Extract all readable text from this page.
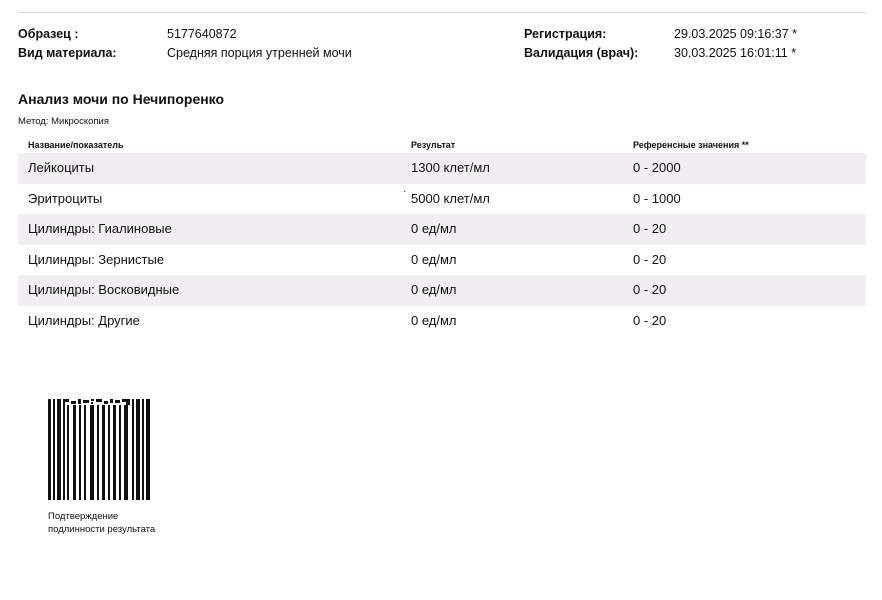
Образец :	5177640872
Вид материала:	Средняя порция утренней мочи
Регистрация:	29.03.2025 09:16:37 *
Валидация (врач):	30.03.2025 16:01:11 *
Анализ мочи по Нечипоренко
Метод: Микроскопия
Название/показатель	Результат	Референсные значения **
Лейкоциты	1300 клет/мл	0 - 2000
Эритроциты	· 5000 клет/мл	0 - 1000
Цилиндры: Гиалиновые	0 ед/мл	0 - 20
Цилиндры: Зернистые	0 ед/мл	0 - 20
Цилиндры: Восковидные	0 ед/мл	0 - 20
Цилиндры: Другие	0 ед/мл	0 - 20
Подтверждение
подлинности результата
